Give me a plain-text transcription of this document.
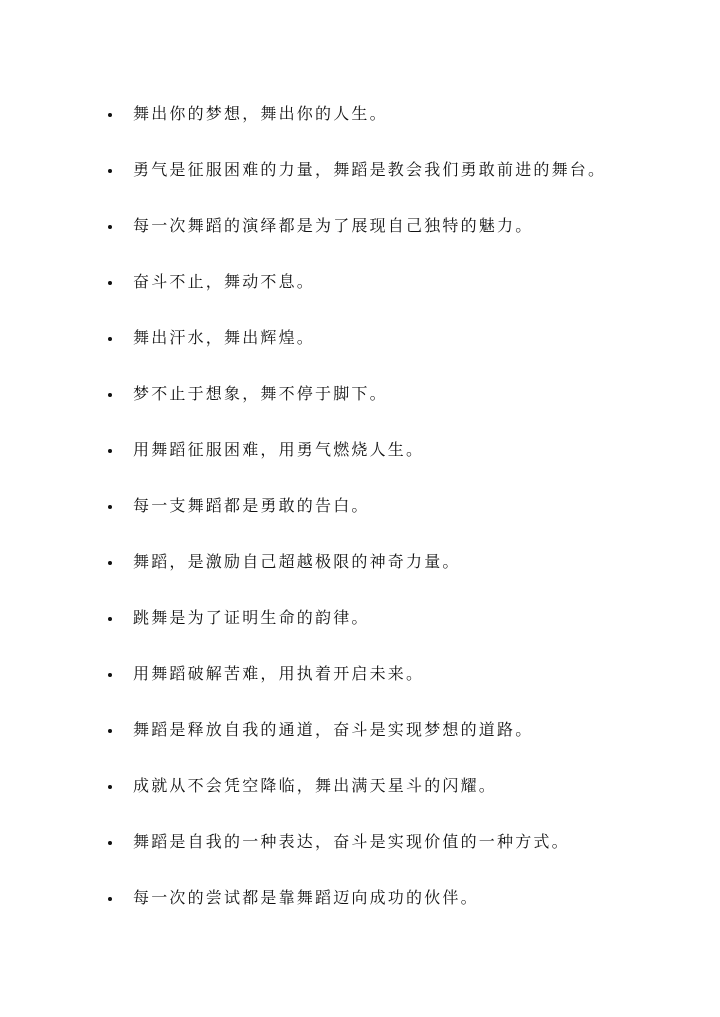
舞出你的梦想，舞出你的人生。
勇气是征服困难的力量，舞蹈是教会我们勇敢前进的舞台。
每一次舞蹈的演绎都是为了展现自己独特的魅力。
奋斗不止，舞动不息。
舞出汗水，舞出辉煌。
梦不止于想象，舞不停于脚下。
用舞蹈征服困难，用勇气燃烧人生。
每一支舞蹈都是勇敢的告白。
舞蹈，是激励自己超越极限的神奇力量。
跳舞是为了证明生命的韵律。
用舞蹈破解苦难，用执着开启未来。
舞蹈是释放自我的通道，奋斗是实现梦想的道路。
成就从不会凭空降临，舞出满天星斗的闪耀。
舞蹈是自我的一种表达，奋斗是实现价值的一种方式。
每一次的尝试都是靠舞蹈迈向成功的伙伴。
